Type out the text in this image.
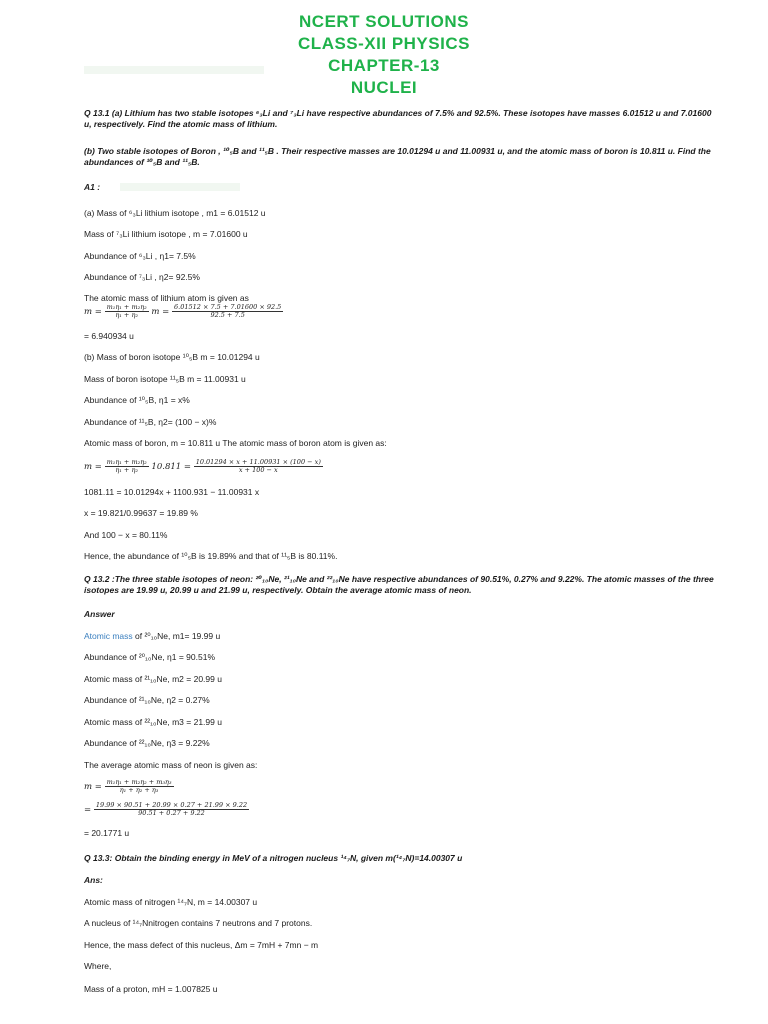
NCERT SOLUTIONS
CLASS-XII PHYSICS
CHAPTER-13
NUCLEI
Q 13.1 (a) Lithium has two stable isotopes ⁶₃Li and ⁷₃Li have respective abundances of 7.5% and 92.5%. These isotopes have masses 6.01512 u and 7.01600 u, respectively. Find the atomic mass of lithium.
(b) Two stable isotopes of Boron , ¹⁰₅B and ¹¹₅B . Their respective masses are 10.01294 u and 11.00931 u, and the atomic mass of boron is 10.811 u. Find the abundances of ¹⁰₅B and ¹¹₅B.
A1 :
(a) Mass of ⁶₃Li lithium isotope , m1 = 6.01512 u
Mass of ⁷₃Li lithium isotope , m = 7.01600 u
Abundance of ⁶₃Li , η1= 7.5%
Abundance of ⁷₃Li , η2= 92.5%
The atomic mass of lithium atom is given as
$m = \frac{\text{m₁η₁ + m₂η₂}}{\text{η₁ + η₂}}$ $m = \frac{6.01512 \times 7.5 + 7.01600 \times 92.5}{92.5 + 7.5}$
= 6.940934 u
(b) Mass of boron isotope ¹⁰₅B m = 10.01294 u
Mass of boron isotope ¹¹₅B m = 11.00931 u
Abundance of ¹⁰₅B, η1 = x%
Abundance of ¹¹₅B, η2= (100 − x)%
Atomic mass of boron, m = 10.811 u The atomic mass of boron atom is given as:
$m = \frac{\text{m₁η₁ + m₂η₂}}{\text{η₁ + η₂}} 10.811 = \frac{10.01294 \times x + 11.00931 \times (100 - x)}{x + 100 - x}$
1081.11 = 10.01294x + 1100.931 − 11.00931 x
x = 19.821/0.99637 = 19.89 %
And 100 − x = 80.11%
Hence, the abundance of ¹⁰₅B is 19.89% and that of ¹¹₅B is 80.11%.
Q 13.2 :The three stable isotopes of neon: ²⁰₁₀Ne, ²¹₁₀Ne and ²²₁₀Ne have respective abundances of 90.51%, 0.27% and 9.22%. The atomic masses of the three isotopes are 19.99 u, 20.99 u and 21.99 u, respectively. Obtain the average atomic mass of neon.
Answer
Atomic mass of ²⁰₁₀Ne, m1= 19.99 u
Abundance of ²⁰₁₀Ne, η1 = 90.51%
Atomic mass of ²¹₁₀Ne, m2 = 20.99 u
Abundance of ²¹₁₀Ne, η2 = 0.27%
Atomic mass of ²²₁₀Ne, m3 = 21.99 u
Abundance of ²²₁₀Ne, η3 = 9.22%
The average atomic mass of neon is given as:
$m = \frac{\text{m₁η₁ + m₂η₂ + m₃η₃}}{\text{η₁ + η₂ + η₃}}$
= $\frac{19.99 \times 90.51 + 20.99 \times 0.27 + 21.99 \times 9.22}{90.51 + 0.27 + 9.22}$
= 20.1771 u
Q 13.3: Obtain the binding energy in MeV of a nitrogen nucleus ¹⁴₇N, given m(¹⁴₇N)=14.00307 u
Ans:
Atomic mass of nitrogen ¹⁴₇N, m = 14.00307 u
A nucleus of ¹⁴₇Nnitrogen contains 7 neutrons and 7 protons.
Hence, the mass defect of this nucleus, Δm = 7mH + 7mn − m
Where,
Mass of a proton, mH = 1.007825 u
